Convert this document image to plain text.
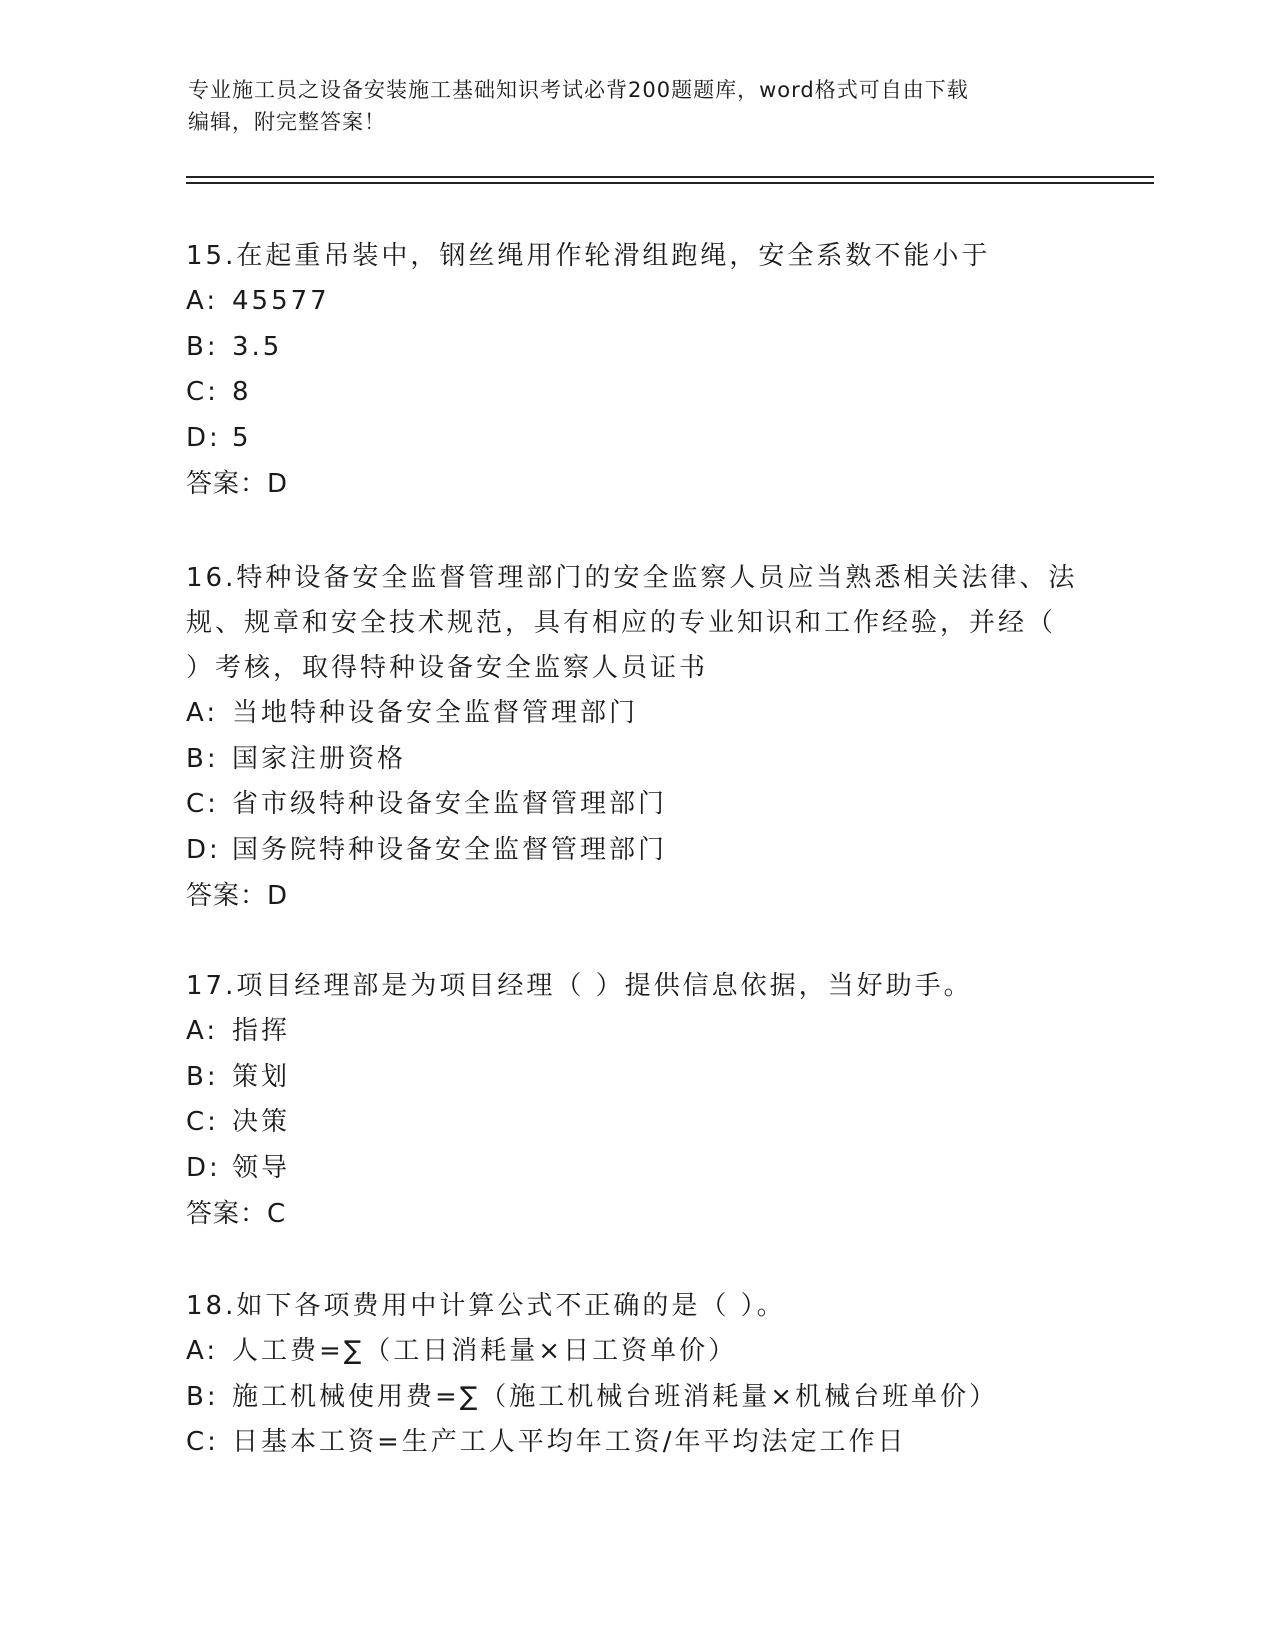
专业施工员之设备安装施工基础知识考试必背200题题库，word格式可自由下载
编辑，附完整答案！

15.在起重吊装中，钢丝绳用作轮滑组跑绳，安全系数不能小于

A: 45577

B: 3.5

C: 8

D: 5

答案：D

16.特种设备安全监督管理部门的安全监察人员应当熟悉相关法律、法

规、规章和安全技术规范，具有相应的专业知识和工作经验，并经（

）考核，取得特种设备安全监察人员证书

A: 当地特种设备安全监督管理部门

B: 国家注册资格

C: 省市级特种设备安全监督管理部门

D: 国务院特种设备安全监督管理部门

答案：D

17.项目经理部是为项目经理（ ）提供信息依据，当好助手。

A: 指挥

B: 策划

C: 决策

D: 领导

答案：C

18.如下各项费用中计算公式不正确的是（ ）。

A: 人工费=∑（工日消耗量×日工资单价）

B: 施工机械使用费=∑（施工机械台班消耗量×机械台班单价）

C: 日基本工资=生产工人平均年工资/年平均法定工作日
